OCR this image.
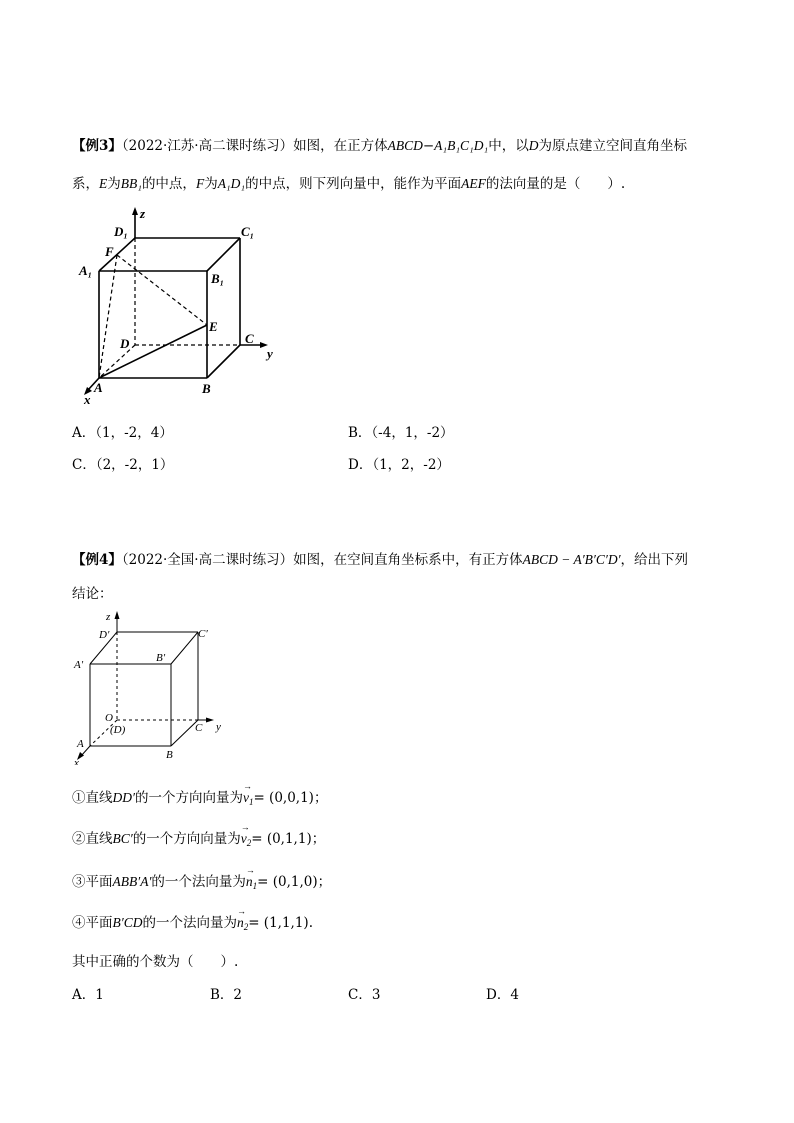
【例3】（2022·江苏·高二课时练习）如图，在正方体ABCD−A₁B₁C₁D₁中，以D为原点建立空间直角坐标
系，E为BB₁的中点，F为A₁D₁的中点，则下列向量中，能作为平面AEF的法向量的是（　　）.
z
D₁	C₁
F
A₁
B₁
E
D	C
y
A	B
x
A．（1，-2，4）	B．（-4，1，-2）
C．（2，-2，1）	D．（1，2，-2）
【例4】（2022·全国·高二课时练习）如图，在空间直角坐标系中，有正方体ABCD − A′B′C′D′，给出下列
结论：
z
D′	C′
A′
B′
O
(D)	C y
A
B
x
①直线DD′的一个方向向量为
→
$v_1= (0,0,1)$；
②直线BC′的一个方向向量为
→
$v_2= (0,1,1)$；
③平面ABB′A′的一个法向量为
→
$n_1= (0,1,0)$；
④平面B′CD的一个法向量为
→
$n_2= (1,1,1)$.
其中正确的个数为（　　）.
A．1	B．2	C．3	D．4
